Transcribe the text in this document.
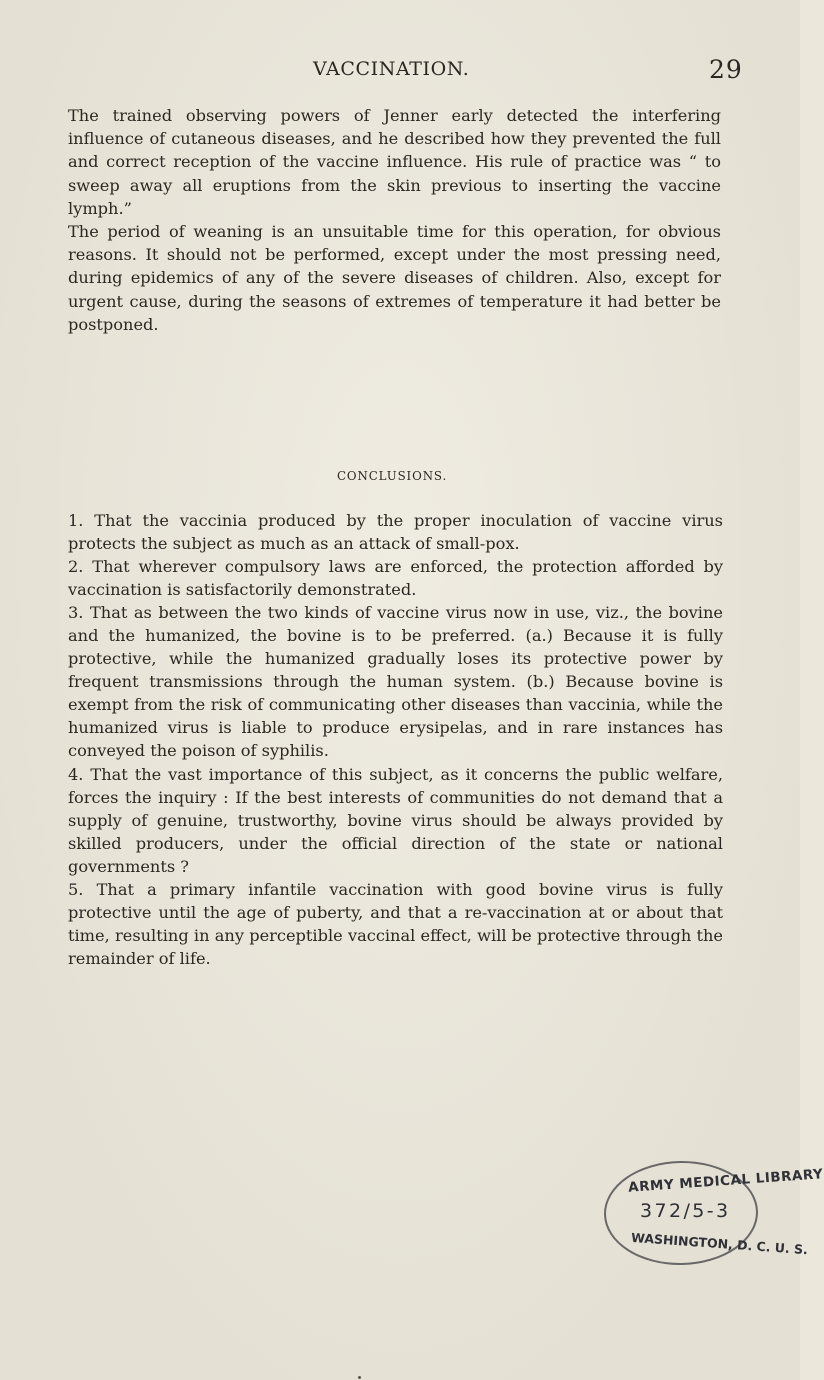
VACCINATION.	29

The trained observing powers of Jenner early detected the interfering influence of cutaneous diseases, and he described how they prevented the full and correct reception of the vaccine influence. His rule of practice was “ to sweep away all eruptions from the skin previous to inserting the vaccine lymph.”

The period of weaning is an unsuitable time for this operation, for obvious reasons. It should not be performed, except under the most pressing need, during epidemics of any of the severe diseases of children. Also, except for urgent cause, during the seasons of extremes of temperature it had better be postponed.

CONCLUSIONS.

1. That the vaccinia produced by the proper inoculation of vaccine virus protects the subject as much as an attack of small-pox.

2. That wherever compulsory laws are enforced, the protection afforded by vaccination is satisfactorily demonstrated.

3. That as between the two kinds of vaccine virus now in use, viz., the bovine and the humanized, the bovine is to be preferred. (a.) Because it is fully protective, while the humanized gradually loses its protective power by frequent transmissions through the human system. (b.) Because bovine is exempt from the risk of communicating other diseases than vaccinia, while the humanized virus is liable to produce erysipelas, and in rare instances has conveyed the poison of syphilis.

4. That the vast importance of this subject, as it concerns the public welfare, forces the inquiry : If the best interests of communities do not demand that a supply of genuine, trustworthy, bovine virus should be always provided by skilled producers, under the official direction of the state or national governments ?

5. That a primary infantile vaccination with good bovine virus is fully protective until the age of puberty, and that a re-vaccination at or about that time, resulting in any perceptible vaccinal effect, will be protective through the remainder of life.

ARMY MEDICAL LIBRARY
372/5-3
WASHINGTON, D. C. U. S.
